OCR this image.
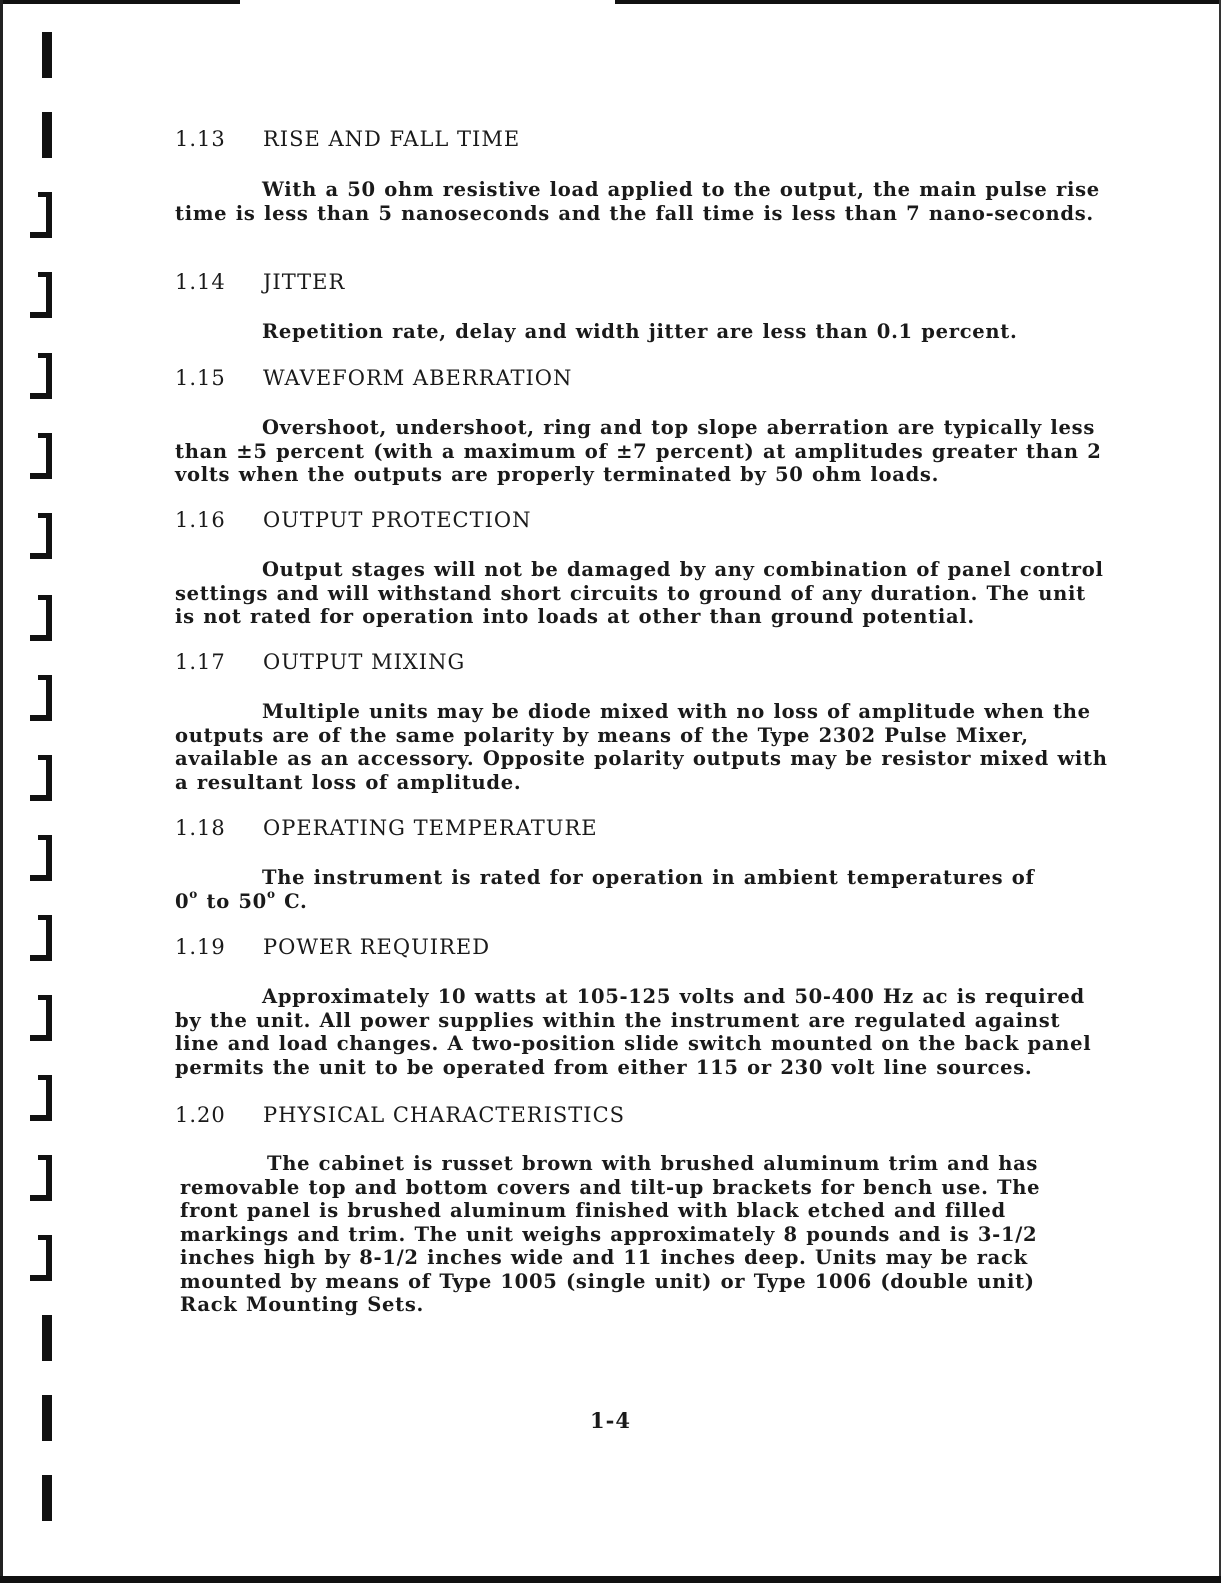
1.13 RISE AND FALL TIME
With a 50 ohm resistive load applied to the output, the main pulse rise time is less than 5 nanoseconds and the fall time is less than 7 nano-seconds.
1.14 JITTER
Repetition rate, delay and width jitter are less than 0.1 percent.
1.15 WAVEFORM ABERRATION
Overshoot, undershoot, ring and top slope aberration are typically less than ±5 percent (with a maximum of ±7 percent) at amplitudes greater than 2 volts when the outputs are properly terminated by 50 ohm loads.
1.16 OUTPUT PROTECTION
Output stages will not be damaged by any combination of panel control settings and will withstand short circuits to ground of any duration. The unit is not rated for operation into loads at other than ground potential.
1.17 OUTPUT MIXING
Multiple units may be diode mixed with no loss of amplitude when the outputs are of the same polarity by means of the Type 2302 Pulse Mixer, available as an accessory. Opposite polarity outputs may be resistor mixed with a resultant loss of amplitude.
1.18 OPERATING TEMPERATURE
The instrument is rated for operation in ambient temperatures of
0$^o$ to 50$^o$ C.
1.19 POWER REQUIRED
Approximately 10 watts at 105-125 volts and 50-400 Hz ac is required by the unit. All power supplies within the instrument are regulated against line and load changes. A two-position slide switch mounted on the back panel permits the unit to be operated from either 115 or 230 volt line sources.
1.20 PHYSICAL CHARACTERISTICS
The cabinet is russet brown with brushed aluminum trim and has removable top and bottom covers and tilt-up brackets for bench use. The front panel is brushed aluminum finished with black etched and filled markings and trim. The unit weighs approximately 8 pounds and is 3-1/2 inches high by 8-1/2 inches wide and 11 inches deep. Units may be rack mounted by means of Type 1005 (single unit) or Type 1006 (double unit) Rack Mounting Sets.
1-4
